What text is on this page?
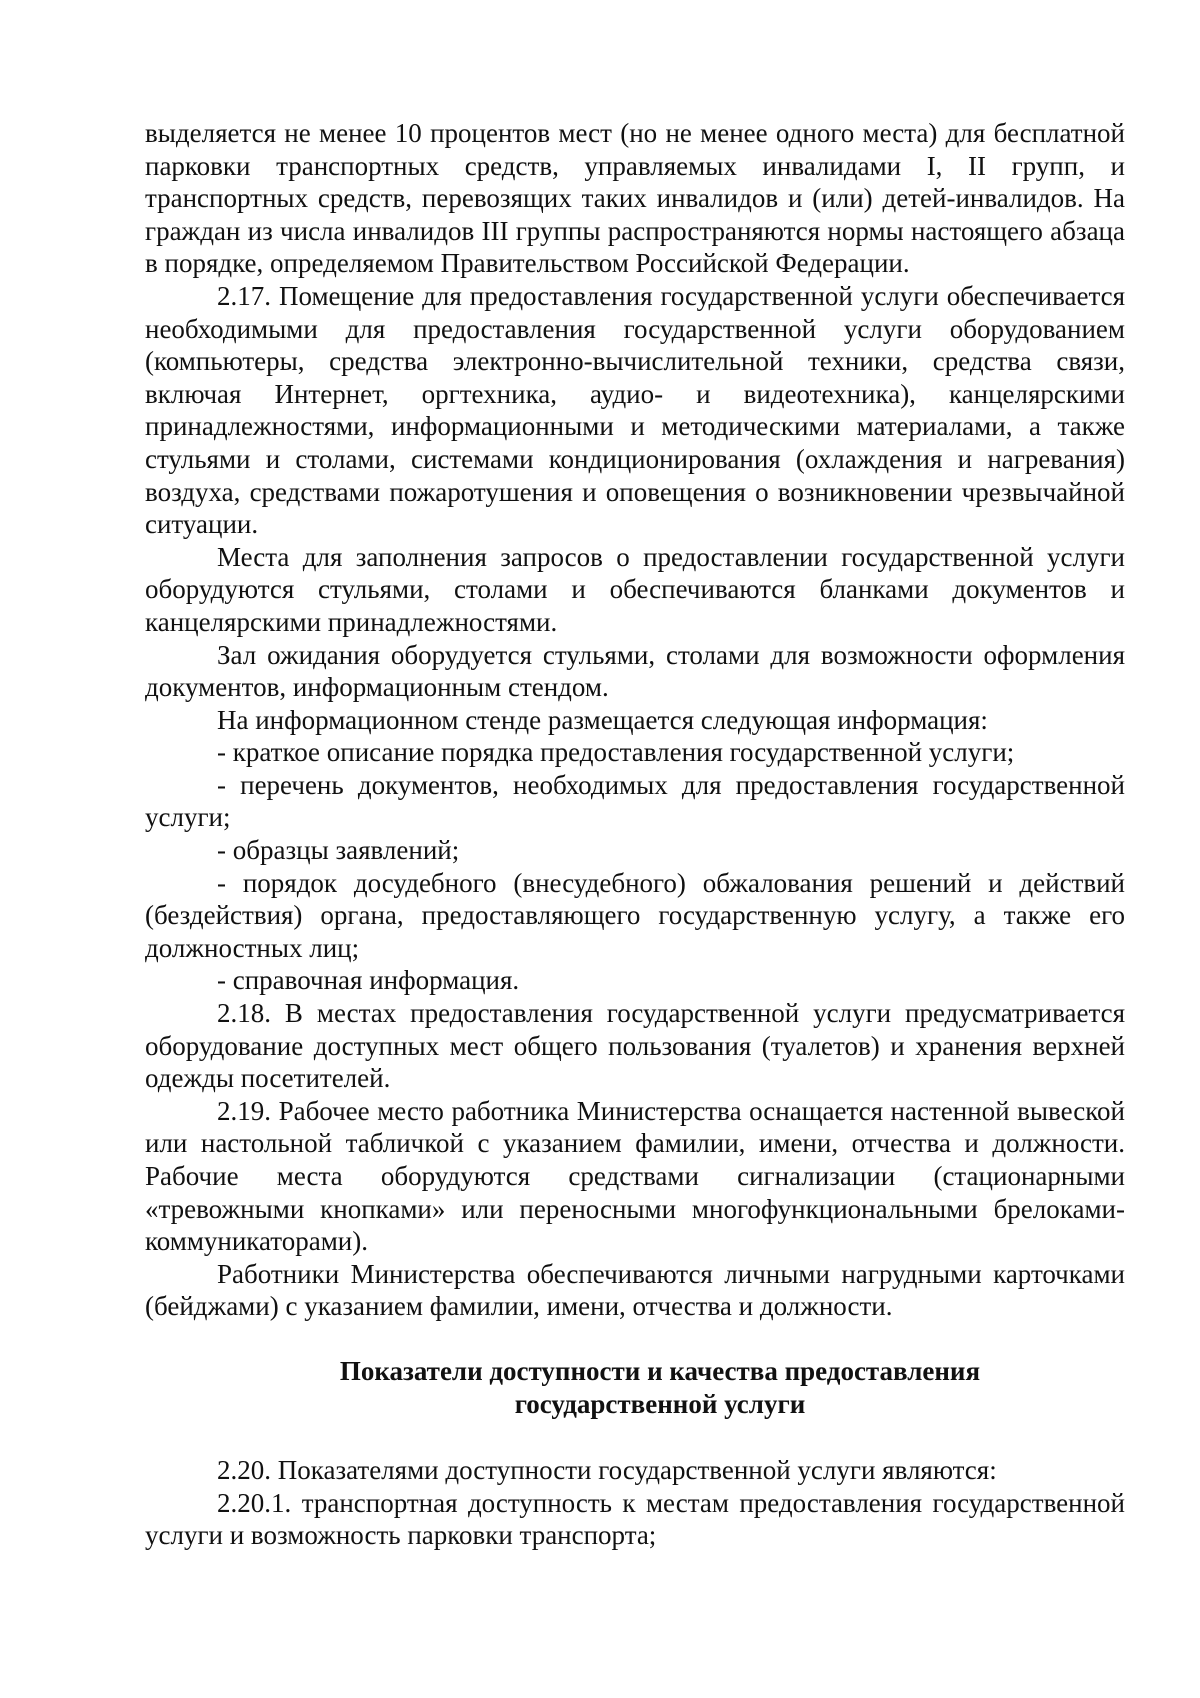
выделяется не менее 10 процентов мест (но не менее одного места) для бесплатной парковки транспортных средств, управляемых инвалидами I, II групп, и транспортных средств, перевозящих таких инвалидов и (или) детей-инвалидов. На граждан из числа инвалидов III группы распространяются нормы настоящего абзаца в порядке, определяемом Правительством Российской Федерации.

2.17. Помещение для предоставления государственной услуги обеспечивается необходимыми для предоставления государственной услуги оборудованием (компьютеры, средства электронно-вычислительной техники, средства связи, включая Интернет, оргтехника, аудио- и видеотехника), канцелярскими принадлежностями, информационными и методическими материалами, а также стульями и столами, системами кондиционирования (охлаждения и нагревания) воздуха, средствами пожаротушения и оповещения о возникновении чрезвычайной ситуации.

Места для заполнения запросов о предоставлении государственной услуги оборудуются стульями, столами и обеспечиваются бланками документов и канцелярскими принадлежностями.

Зал ожидания оборудуется стульями, столами для возможности оформления документов, информационным стендом.

На информационном стенде размещается следующая информация:

- краткое описание порядка предоставления государственной услуги;

- перечень документов, необходимых для предоставления государственной услуги;

- образцы заявлений;

- порядок досудебного (внесудебного) обжалования решений и действий (бездействия) органа, предоставляющего государственную услугу, а также его должностных лиц;

- справочная информация.

2.18. В местах предоставления государственной услуги предусматривается оборудование доступных мест общего пользования (туалетов) и хранения верхней одежды посетителей.

2.19. Рабочее место работника Министерства оснащается настенной вывеской или настольной табличкой с указанием фамилии, имени, отчества и должности. Рабочие места оборудуются средствами сигнализации (стационарными «тревожными кнопками» или переносными многофункциональными брелоками-коммуникаторами).

Работники Министерства обеспечиваются личными нагрудными карточками (бейджами) с указанием фамилии, имени, отчества и должности.

Показатели доступности и качества предоставления
государственной услуги

2.20. Показателями доступности государственной услуги являются:

2.20.1. транспортная доступность к местам предоставления государственной услуги и возможность парковки транспорта;
